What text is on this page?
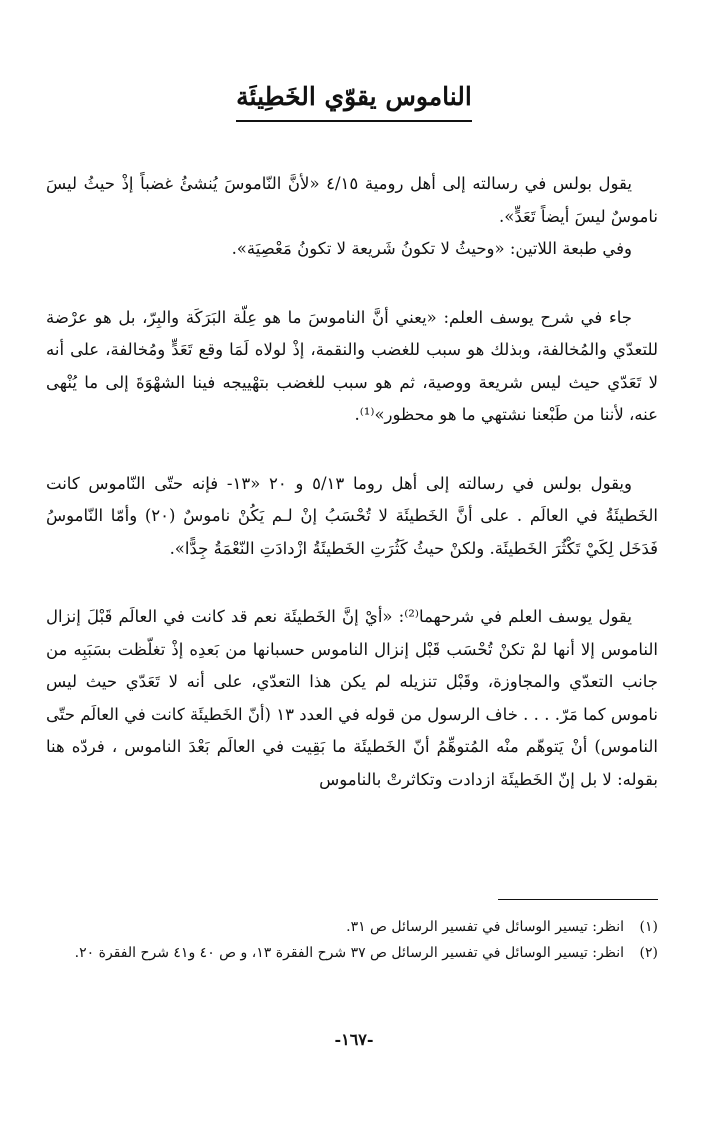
الناموس يقوّي الخَطِيئَة

يقول بولس في رسالته إلى أهل رومية ٤/١٥ «لأنَّ النّاموسَ يُنشئُ غضباً إذْ حيثُ ليسَ ناموسٌ ليسَ أيضاً تَعَدٍّ».

وفي طبعة اللاتين: «وحيثُ لا تكونُ شَريعة لا تكونُ مَعْصِيَة».

جاء في شرح يوسف العلم: «يعني أنَّ الناموسَ ما هو عِلّة البَرَكَة والبِرّ، بل هو عرْضة للتعدّي والمُخالفة، وبذلك هو سبب للغضب والنقمة، إذْ لولاه لَمَا وقع تَعَدٍّ ومُخالفة، على أنه لا تَعَدّي حيث ليس شريعة ووصية، ثم هو سبب للغضب بتهْييجه فينا الشهْوَةَ إلى ما يُنْهى عنه، لأننا من طَبْعنا نشتهي ما هو محظور»⁽¹⁾.

ويقول بولس في رسالته إلى أهل روما ٥/١٣ و ٢٠ «١٣- فإنه حتّى النّاموس كانت الخَطيئَةُ في العالَم . على أنَّ الخَطيئَة لا تُحْسَبُ إنْ لـم يَكُنْ ناموسٌ (٢٠) وأمّا النّاموسُ فَدَخَل لِكَيْ تَكْثُرَ الخَطيئَة. ولكنْ حيثُ كَثُرَتِ الخَطيئَةُ ازْدادَتِ النّعْمَةُ جِدًّا».

يقول يوسف العلم في شرحهما⁽²⁾: «أيْ إنَّ الخَطيئَة نعم قد كانت في العالَم قَبْلَ إنزال الناموس إلا أنها لمْ تكنْ تُحْسَب قَبْل إنزال الناموس حسبانها من بَعدِه إذْ تغلّظت بسَبَبِه من جانب التعدّي والمجاوزة، وقَبْل تنزيله لم يكن هذا التعدّي، على أنه لا تَعَدّي حيث ليس ناموس كما مَرّ. . . . خاف الرسول من قوله في العدد ١٣ (أنّ الخَطيئَة كانت في العالَم حتّى الناموس) أنْ يَتوهّم منْه المُتوهِّمُ أنّ الخَطيئَة ما بَقِيت في العالَم بَعْدَ الناموس ، فردّه هنا بقوله: لا بل إنّ الخَطيئَة ازدادت وتكاثرتْ بالناموس

(١)
انظر: تيسير الوسائل في تفسير الرسائل ص ٣١.
(٢)
انظر: تيسير الوسائل في تفسير الرسائل ص ٣٧ شرح الفقرة ١٣، و ص ٤٠ و٤١ شرح الفقرة ٢٠.
-١٦٧-
